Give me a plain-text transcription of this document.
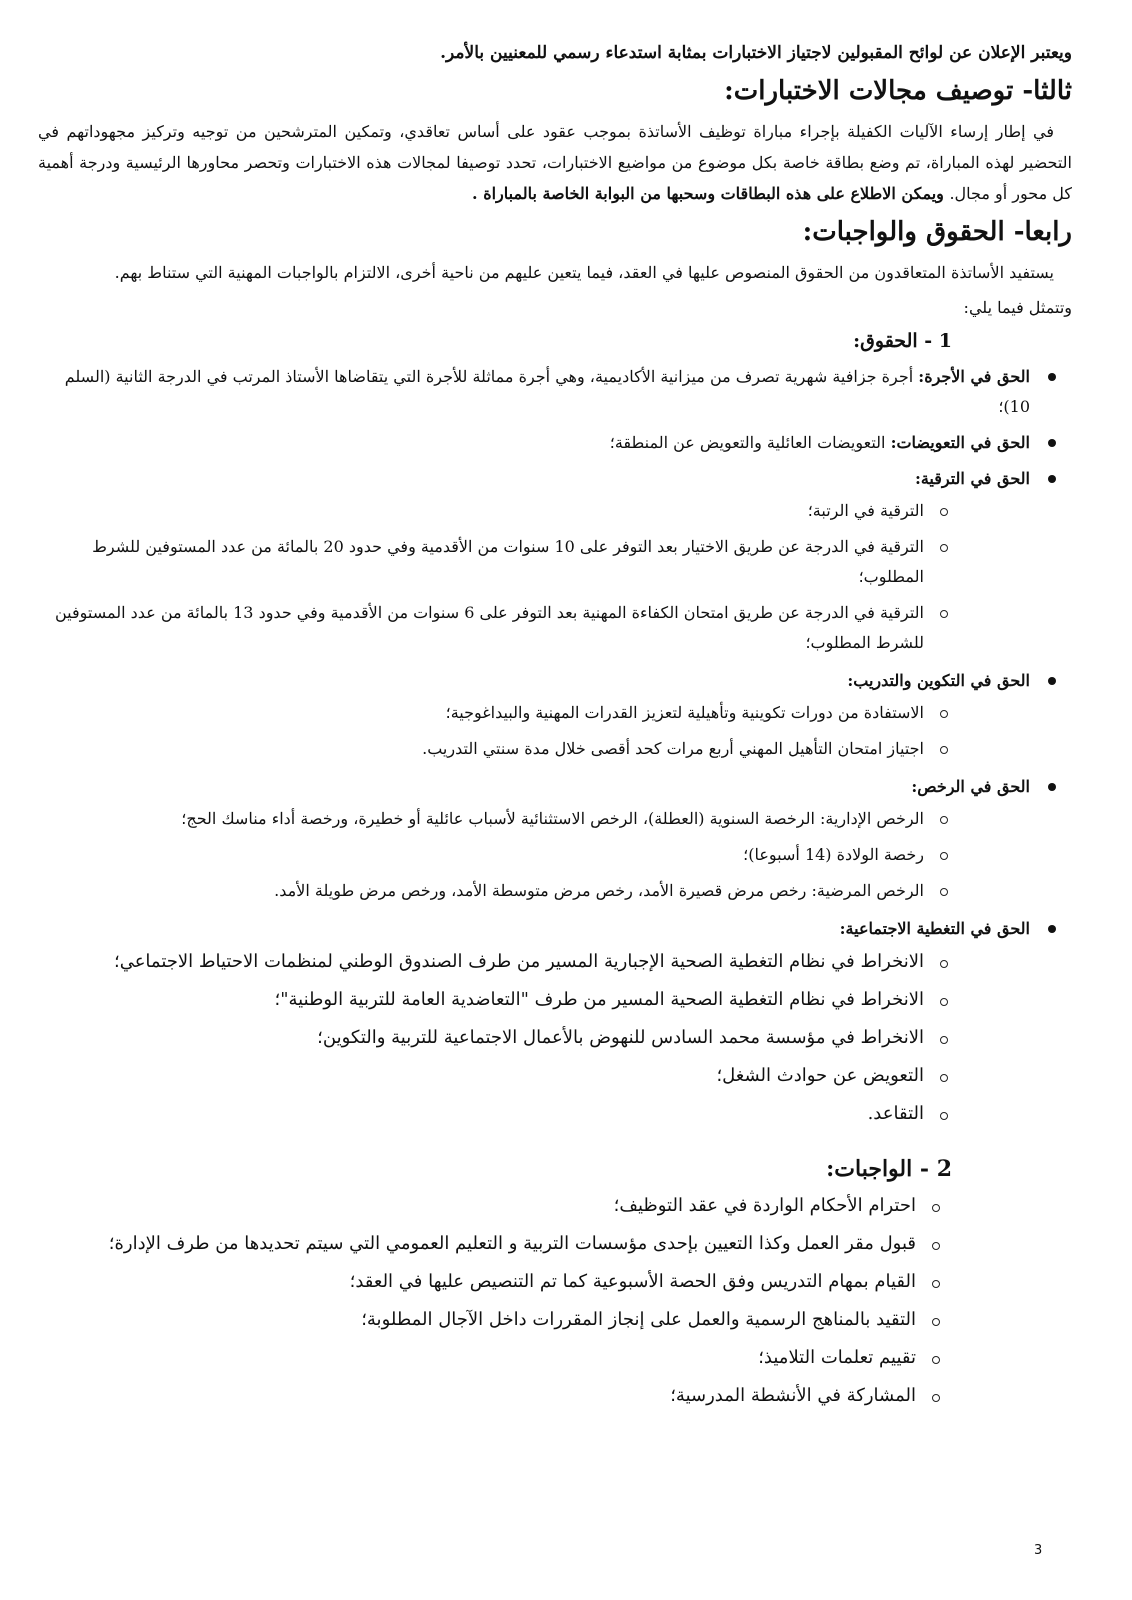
ويعتبر الإعلان عن لوائح المقبولين لاجتياز الاختبارات بمثابة استدعاء رسمي للمعنيين بالأمر.

ثالثا- توصيف مجالات الاختبارات:

في إطار إرساء الآليات الكفيلة بإجراء مباراة توظيف الأساتذة بموجب عقود على أساس تعاقدي، وتمكين المترشحين من توجيه وتركيز مجهوداتهم في التحضير لهذه المباراة، تم وضع بطاقة خاصة بكل موضوع من مواضيع الاختبارات، تحدد توصيفا لمجالات هذه الاختبارات وتحصر محاورها الرئيسية ودرجة أهمية كل محور أو مجال. ويمكن الاطلاع على هذه البطاقات وسحبها من البوابة الخاصة بالمباراة .

رابعا- الحقوق والواجبات:

يستفيد الأساتذة المتعاقدون من الحقوق المنصوص عليها في العقد، فيما يتعين عليهم من ناحية أخرى، الالتزام بالواجبات المهنية التي ستناط بهم.

وتتمثل فيما يلي:

1 - الحقوق:
الحق في الأجرة: أجرة جزافية شهرية تصرف من ميزانية الأكاديمية، وهي أجرة مماثلة للأجرة التي يتقاضاها الأستاذ المرتب في الدرجة الثانية (السلم 10)؛
الحق في التعويضات: التعويضات العائلية والتعويض عن المنطقة؛
الحق في الترقية:
الترقية في الرتبة؛
الترقية في الدرجة عن طريق الاختيار بعد التوفر على 10 سنوات من الأقدمية وفي حدود 20 بالمائة من عدد المستوفين للشرط المطلوب؛
الترقية في الدرجة عن طريق امتحان الكفاءة المهنية بعد التوفر على 6 سنوات من الأقدمية وفي حدود 13 بالمائة من عدد المستوفين للشرط المطلوب؛
الحق في التكوين والتدريب:
الاستفادة من دورات تكوينية وتأهيلية لتعزيز القدرات المهنية والبيداغوجية؛
اجتياز امتحان التأهيل المهني أربع مرات كحد أقصى خلال مدة سنتي التدريب.
الحق في الرخص:
الرخص الإدارية: الرخصة السنوية (العطلة)، الرخص الاستثنائية لأسباب عائلية أو خطيرة، ورخصة أداء مناسك الحج؛
رخصة الولادة (14 أسبوعا)؛
الرخص المرضية: رخص مرض قصيرة الأمد، رخص مرض متوسطة الأمد، ورخص مرض طويلة الأمد.
الحق في التغطية الاجتماعية:
الانخراط في نظام التغطية الصحية الإجبارية المسير من طرف الصندوق الوطني لمنظمات الاحتياط الاجتماعي؛
الانخراط في نظام التغطية الصحية المسير من طرف "التعاضدية العامة للتربية الوطنية"؛
الانخراط في مؤسسة محمد السادس للنهوض بالأعمال الاجتماعية للتربية والتكوين؛
التعويض عن حوادث الشغل؛
التقاعد.
2 - الواجبات:
احترام الأحكام الواردة في عقد التوظيف؛
قبول مقر العمل وكذا التعيين بإحدى مؤسسات التربية و التعليم العمومي التي سيتم تحديدها من طرف الإدارة؛
القيام بمهام التدريس وفق الحصة الأسبوعية كما تم التنصيص عليها في العقد؛
التقيد بالمناهج الرسمية والعمل على إنجاز المقررات داخل الآجال المطلوبة؛
تقييم تعلمات التلاميذ؛
المشاركة في الأنشطة المدرسية؛
3
